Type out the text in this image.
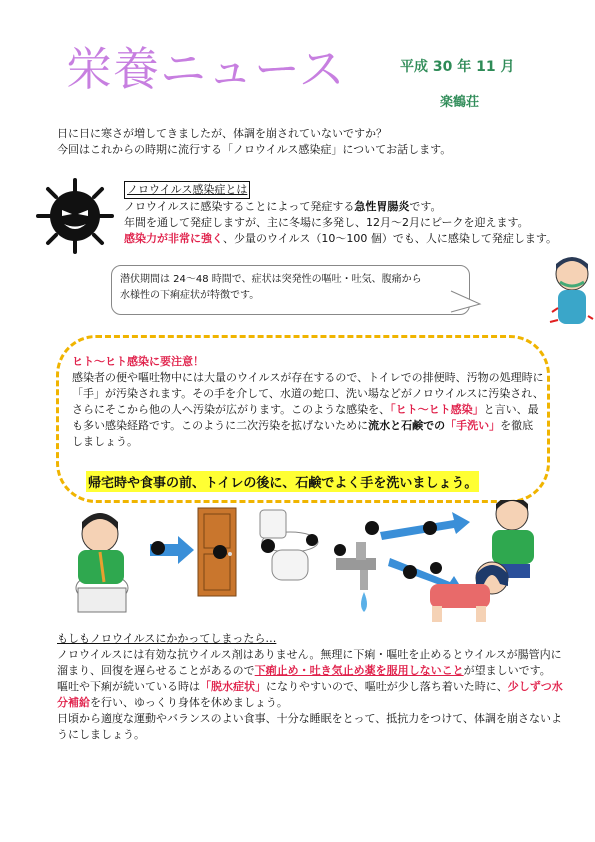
栄養ニュース	平成 30 年 11 月
楽鶴荘
日に日に寒さが増してきましたが、体調を崩されていないですか？
今回はこれからの時期に流行する「ノロウイルス感染症」についてお話します。
ノロウイルス感染症とは
ノロウイルスに感染することによって発症する急性胃腸炎です。
年間を通して発症しますが、主に冬場に多発し、12月～2月にピークを迎えます。
感染力が非常に強く、少量のウイルス（10～100 個）でも、人に感染して発症します。
潜伏期間は 24～48 時間で、症状は突発性の嘔吐・吐気、腹痛から
水様性の下痢症状が特徴です。
ヒト～ヒト感染に要注意！
感染者の便や嘔吐物中には大量のウイルスが存在するので、トイレでの排便時、汚物の処理時に
「手」が汚染されます。その手を介して、水道の蛇口、洗い場などがノロウイルスに汚染され、
さらにそこから他の人へ汚染が広がります。このような感染を、「ヒト～ヒト感染」と言い、最
も多い感染経路です。このように二次汚染を拡げないために流水と石鹸での「手洗い」を徹底
しましょう。
帰宅時や食事の前、トイレの後に、石鹸でよく手を洗いましょう。
もしもノロウイルスにかかってしまったら…
ノロウイルスには有効な抗ウイルス剤はありません。無理に下痢・嘔吐を止めるとウイルスが腸管内に
溜まり、回復を遅らせることがあるので下痢止め・吐き気止め薬を服用しないことが望ましいです。
嘔吐や下痢が続いている時は「脱水症状」になりやすいので、嘔吐が少し落ち着いた時に、少しずつ水
分補給を行い、ゆっくり身体を休めましょう。
日頃から適度な運動やバランスのよい食事、十分な睡眠をとって、抵抗力をつけて、体調を崩さないよ
うにしましょう。
